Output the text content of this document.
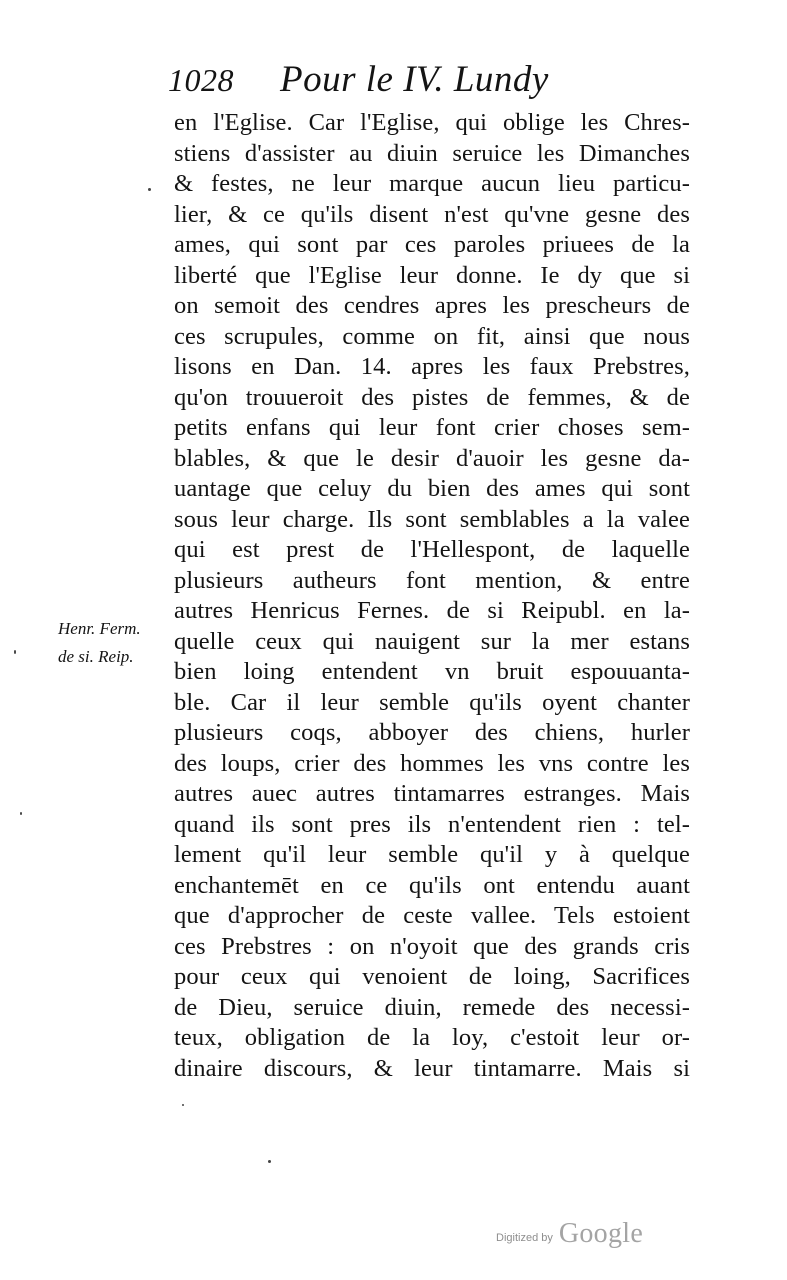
1028 Pour le IV. Lundy
Henr. Ferm.
de si. Reip.
en l'Eglise. Car l'Eglise, qui oblige les Chres-
stiens d'assister au diuin seruice les Dimanches
& festes, ne leur marque aucun lieu particu-
lier, & ce qu'ils disent n'est qu'vne gesne des
ames, qui sont par ces paroles priuees de la
liberté que l'Eglise leur donne. Ie dy que si
on semoit des cendres apres les prescheurs de
ces scrupules, comme on fit, ainsi que nous
lisons en Dan. 14. apres les faux Prebstres,
qu'on trouueroit des pistes de femmes, & de
petits enfans qui leur font crier choses sem-
blables, & que le desir d'auoir les gesne da-
uantage que celuy du bien des ames qui sont
sous leur charge. Ils sont semblables a la valee
qui est prest de l'Hellespont, de laquelle
plusieurs autheurs font mention, & entre
autres Henricus Fernes. de si Reipubl. en la-
quelle ceux qui nauigent sur la mer estans
bien loing entendent vn bruit espouuanta-
ble. Car il leur semble qu'ils oyent chanter
plusieurs coqs, abboyer des chiens, hurler
des loups, crier des hommes les vns contre les
autres auec autres tintamarres estranges. Mais
quand ils sont pres ils n'entendent rien : tel-
lement qu'il leur semble qu'il y à quelque
enchantemēt en ce qu'ils ont entendu auant
que d'approcher de ceste vallee. Tels estoient
ces Prebstres : on n'oyoit que des grands cris
pour ceux qui venoient de loing, Sacrifices
de Dieu, seruice diuin, remede des necessi-
teux, obligation de la loy, c'estoit leur or-
dinaire discours, & leur tintamarre. Mais si
Digitized by Google
